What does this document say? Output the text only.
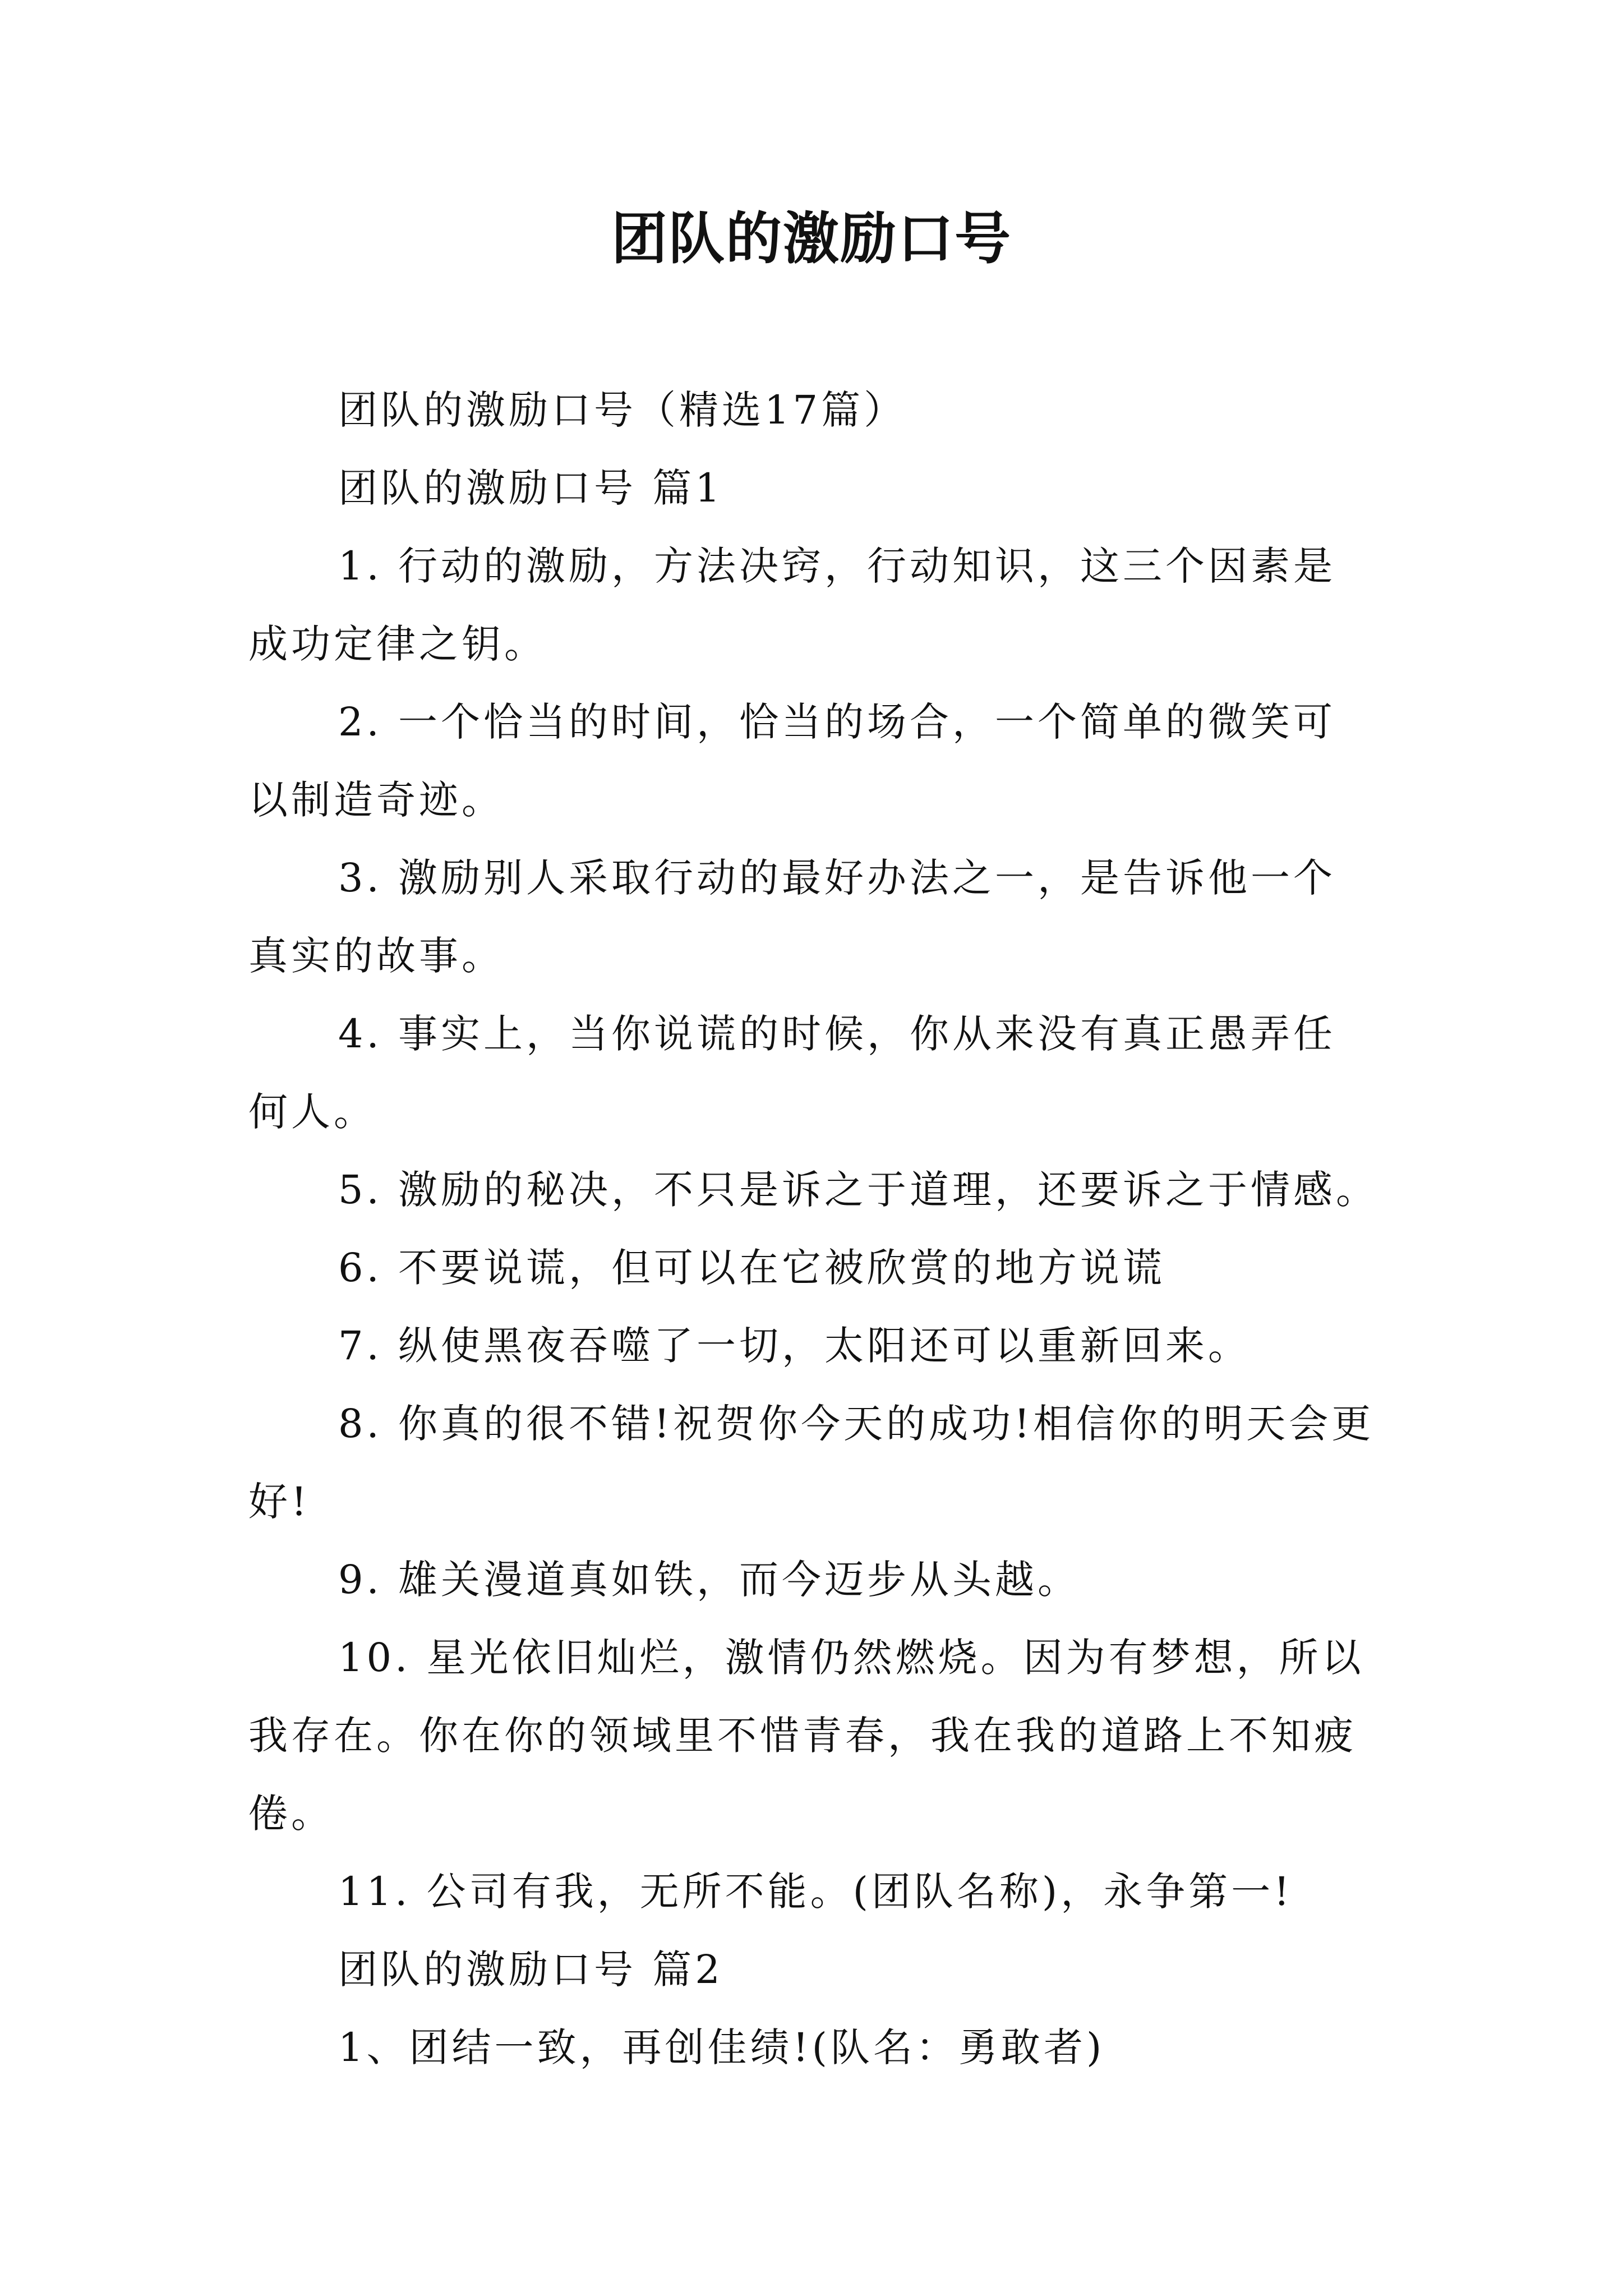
团队的激励口号

团队的激励口号（精选17篇）

团队的激励口号 篇1

1. 行动的激励，方法决窍，行动知识，这三个因素是成功定律之钥。

2. 一个恰当的时间，恰当的场合，一个简单的微笑可以制造奇迹。

3. 激励别人采取行动的最好办法之一，是告诉他一个真实的故事。

4. 事实上，当你说谎的时候，你从来没有真正愚弄任何人。

5. 激励的秘决，不只是诉之于道理，还要诉之于情感。

6. 不要说谎，但可以在它被欣赏的地方说谎

7. 纵使黑夜吞噬了一切，太阳还可以重新回来。

8. 你真的很不错!祝贺你今天的成功!相信你的明天会更好!

9. 雄关漫道真如铁，而今迈步从头越。

10. 星光依旧灿烂，激情仍然燃烧。因为有梦想，所以我存在。你在你的领域里不惜青春，我在我的道路上不知疲倦。

11. 公司有我，无所不能。(团队名称)，永争第一!

团队的激励口号 篇2

1、团结一致，再创佳绩!(队名：勇敢者)
